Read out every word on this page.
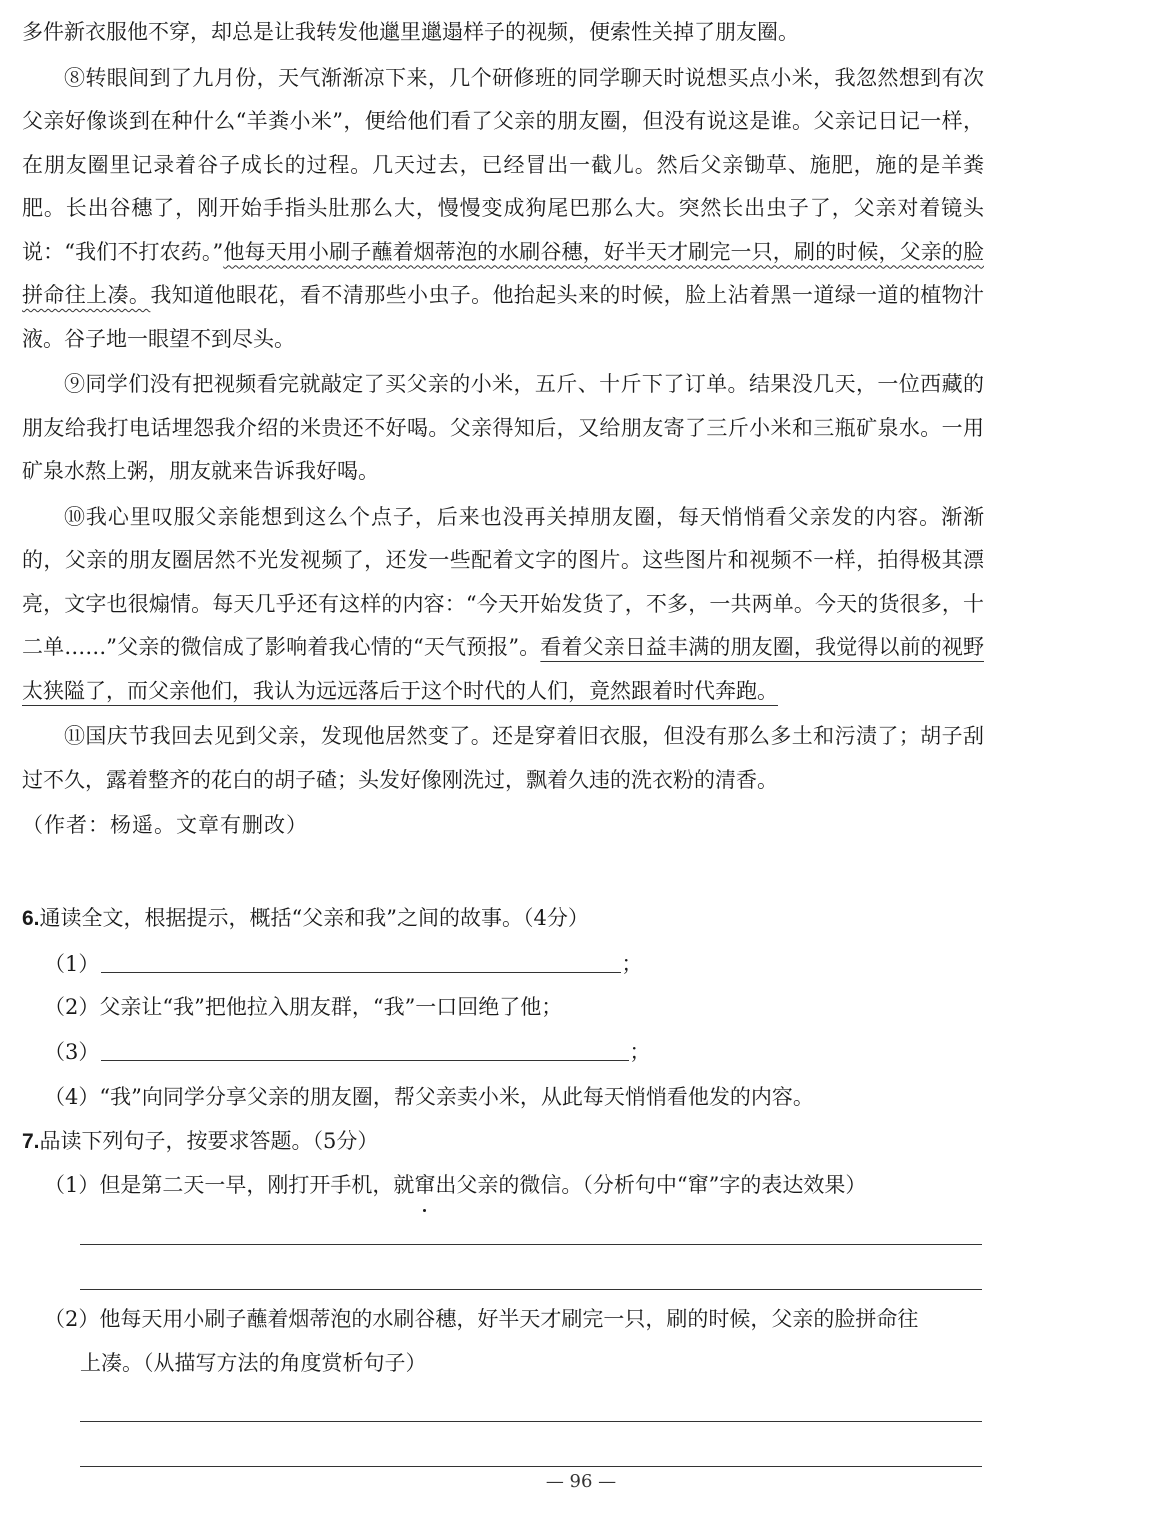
多件新衣服他不穿，却总是让我转发他邋里邋遢样子的视频，便索性关掉了朋友圈。

⑧转眼间到了九月份，天气渐渐凉下来，几个研修班的同学聊天时说想买点小米，我忽然想到有次父亲好像谈到在种什么“羊粪小米”，便给他们看了父亲的朋友圈，但没有说这是谁。父亲记日记一样，在朋友圈里记录着谷子成长的过程。几天过去，已经冒出一截儿。然后父亲锄草、施肥，施的是羊粪肥。长出谷穗了，刚开始手指头肚那么大，慢慢变成狗尾巴那么大。突然长出虫子了，父亲对着镜头说：“我们不打农药。”他每天用小刷子蘸着烟蒂泡的水刷谷穗，好半天才刷完一只，刷的时候，父亲的脸拼命往上凑。我知道他眼花，看不清那些小虫子。他抬起头来的时候，脸上沾着黑一道绿一道的植物汁液。谷子地一眼望不到尽头。

⑨同学们没有把视频看完就敲定了买父亲的小米，五斤、十斤下了订单。结果没几天，一位西藏的朋友给我打电话埋怨我介绍的米贵还不好喝。父亲得知后，又给朋友寄了三斤小米和三瓶矿泉水。一用矿泉水熬上粥，朋友就来告诉我好喝。

⑩我心里叹服父亲能想到这么个点子，后来也没再关掉朋友圈，每天悄悄看父亲发的内容。渐渐的，父亲的朋友圈居然不光发视频了，还发一些配着文字的图片。这些图片和视频不一样，拍得极其漂亮，文字也很煽情。每天几乎还有这样的内容：“今天开始发货了，不多，一共两单。今天的货很多，十二单……”父亲的微信成了影响着我心情的“天气预报”。看着父亲日益丰满的朋友圈，我觉得以前的视野太狭隘了，而父亲他们，我认为远远落后于这个时代的人们，竟然跟着时代奔跑。

⑪国庆节我回去见到父亲，发现他居然变了。还是穿着旧衣服，但没有那么多土和污渍了；胡子刮过不久，露着整齐的花白的胡子碴；头发好像刚洗过，飘着久违的洗衣粉的清香。

（作者：杨遥。文章有删改）

6.通读全文，根据提示，概括“父亲和我”之间的故事。（4分）
（1）	；
（2）父亲让“我”把他拉入朋友群，“我”一口回绝了他；
（3）	；
（4）“我”向同学分享父亲的朋友圈，帮父亲卖小米，从此每天悄悄看他发的内容。
7.品读下列句子，按要求答题。（5分）
（1）但是第二天一早，刚打开手机，就窜出父亲的微信。（分析句中“窜”字的表达效果）
（2）他每天用小刷子蘸着烟蒂泡的水刷谷穗，好半天才刷完一只，刷的时候，父亲的脸拼命往
上凑。（从描写方法的角度赏析句子）
— 96 —
